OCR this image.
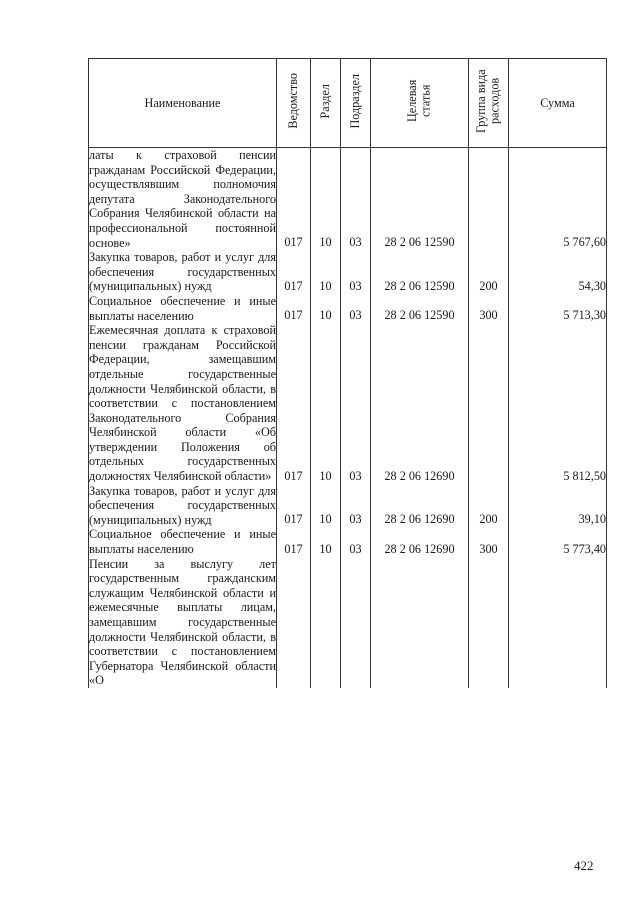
Наименование	Ведомство	Раздел	Подраздел	Целевая статья	Группа вида расходов	Сумма
латы к страховой пенсии гражданам Российской Федерации, осуществлявшим полномочия депутата Законодательного Собрания Челябинской области на профессиональной постоянной основе»	017	10	03	28 2 06 12590		5 767,60
Закупка товаров, работ и услуг для обеспечения государственных (муниципальных) нужд	017	10	03	28 2 06 12590	200	54,30
Социальное обеспечение и иные выплаты населению	017	10	03	28 2 06 12590	300	5 713,30
Ежемесячная доплата к страховой пенсии гражданам Российской Федерации, замещавшим отдельные государственные должности Челябинской области, в соответствии с постановлением Законодательного Собрания Челябинской области «Об утверждении Положения об отдельных государственных должностях Челябинской области»	017	10	03	28 2 06 12690		5 812,50
Закупка товаров, работ и услуг для обеспечения государственных (муниципальных) нужд	017	10	03	28 2 06 12690	200	39,10
Социальное обеспечение и иные выплаты населению	017	10	03	28 2 06 12690	300	5 773,40
Пенсии за выслугу лет государственным гражданским служащим Челябинской области и ежемесячные выплаты лицам, замещавшим государственные должности Челябинской области, в соответствии с постановлением Губернатора Челябинской области «О						
422
